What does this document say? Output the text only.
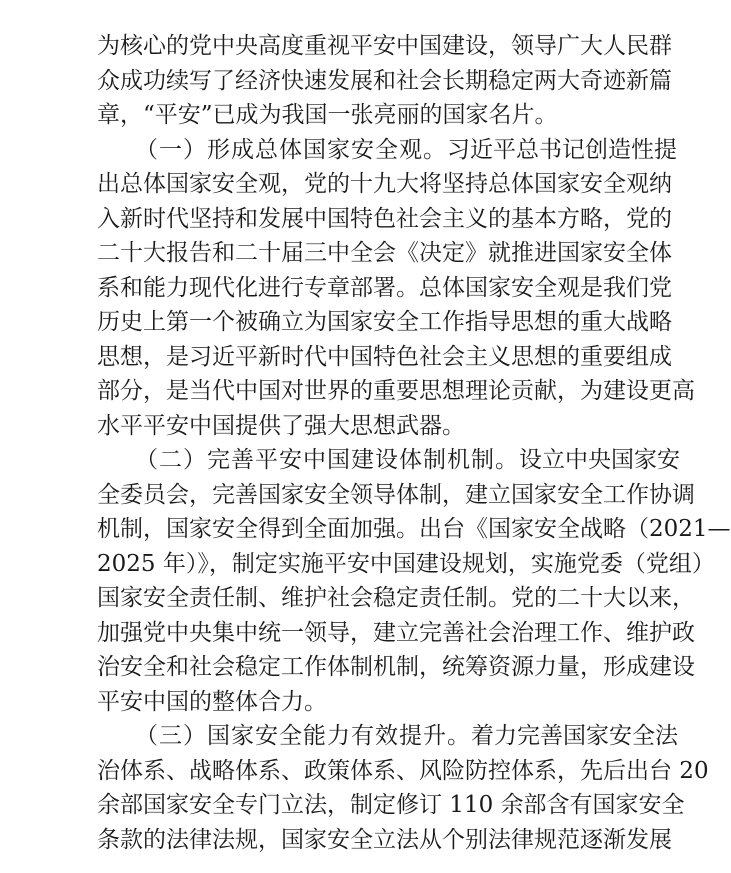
为核心的党中央高度重视平安中国建设，领导广大人民群
众成功续写了经济快速发展和社会长期稳定两大奇迹新篇
章，“平安”已成为我国一张亮丽的国家名片。
（一）形成总体国家安全观。习近平总书记创造性提
出总体国家安全观，党的十九大将坚持总体国家安全观纳
入新时代坚持和发展中国特色社会主义的基本方略，党的
二十大报告和二十届三中全会《决定》就推进国家安全体
系和能力现代化进行专章部署。总体国家安全观是我们党
历史上第一个被确立为国家安全工作指导思想的重大战略
思想，是习近平新时代中国特色社会主义思想的重要组成
部分，是当代中国对世界的重要思想理论贡献，为建设更高
水平平安中国提供了强大思想武器。
（二）完善平安中国建设体制机制。设立中央国家安
全委员会，完善国家安全领导体制，建立国家安全工作协调
机制，国家安全得到全面加强。出台《国家安全战略（2021—
2025 年）》，制定实施平安中国建设规划，实施党委（党组）
国家安全责任制、维护社会稳定责任制。党的二十大以来，
加强党中央集中统一领导，建立完善社会治理工作、维护政
治安全和社会稳定工作体制机制，统筹资源力量，形成建设
平安中国的整体合力。
（三）国家安全能力有效提升。着力完善国家安全法
治体系、战略体系、政策体系、风险防控体系，先后出台 20
余部国家安全专门立法，制定修订 110 余部含有国家安全
条款的法律法规，国家安全立法从个别法律规范逐渐发展
